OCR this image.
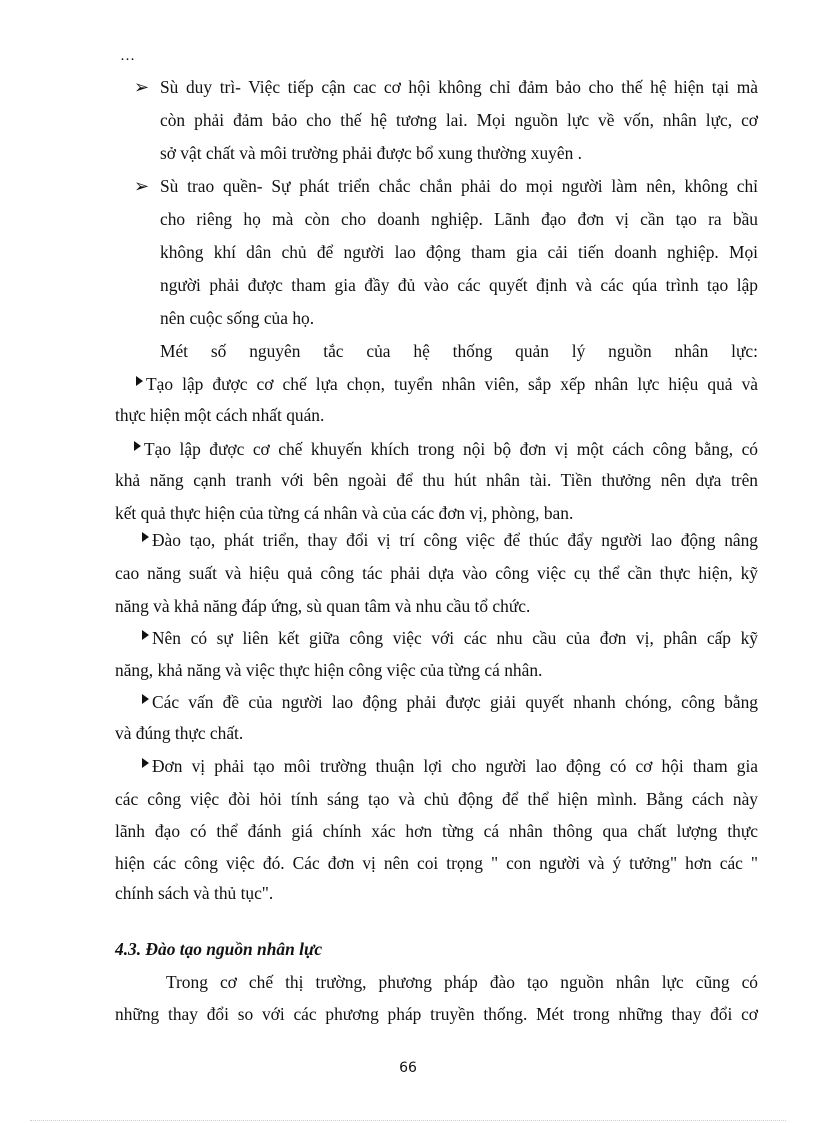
…
➢ Sù duy trì- Việc tiếp cận cac cơ hội không chỉ đảm bảo cho thế hệ hiện tại mà
còn phải đảm bảo cho thế hệ tương lai. Mọi nguồn lực về vốn, nhân lực, cơ
sở vật chất và môi trường phải được bổ xung thường xuyên .
➢ Sù trao quền- Sự phát triển chắc chắn phải do mọi người làm nên, không chỉ
cho riêng họ mà còn cho doanh nghiệp. Lãnh đạo đơn vị cần tạo ra bầu
không khí dân chủ để người lao động tham gia cải tiến doanh nghiệp. Mọi
người phải được tham gia đầy đủ vào các quyết định và các qúa trình tạo lập
nên cuộc sống của họ.
Mét số nguyên tắc của hệ thống quản lý nguồn nhân lực:
Tạo lập được cơ chế lựa chọn, tuyển nhân viên, sắp xếp nhân lực hiệu quả và
thực hiện một cách nhất quán.
Tạo lập được cơ chế khuyến khích trong nội bộ đơn vị một cách công bằng, có
khả năng cạnh tranh với bên ngoài để thu hút nhân tài. Tiền thưởng nên dựa trên
kết quả thực hiện của từng cá nhân và của các đơn vị, phòng, ban.
Đào tạo, phát triển, thay đổi vị trí công việc để thúc đẩy người lao động nâng
cao năng suất và hiệu quả công tác phải dựa vào công việc cụ thể cần thực hiện, kỹ
năng và khả năng đáp ứng, sù quan tâm và nhu cầu tổ chức.
Nên có sự liên kết giữa công việc với các nhu cầu của đơn vị, phân cấp kỹ
năng, khả năng và việc thực hiện công việc của từng cá nhân.
Các vấn đề của người lao động phải được giải quyết nhanh chóng, công bằng
và đúng thực chất.
Đơn vị phải tạo môi trường thuận lợi cho người lao động có cơ hội tham gia
các công việc đòi hỏi tính sáng tạo và chủ động để thể hiện mình. Bằng cách này
lãnh đạo có thể đánh giá chính xác hơn từng cá nhân thông qua chất lượng thực
hiện các công việc đó. Các đơn vị nên coi trọng " con người và ý tưởng" hơn các "
chính sách và thủ tục".
4.3. Đào tạo nguồn nhân lực
Trong cơ chế thị trường, phương pháp đào tạo nguồn nhân lực cũng có
những thay đổi so với các phương pháp truyền thống. Mét trong những thay đổi cơ
66
